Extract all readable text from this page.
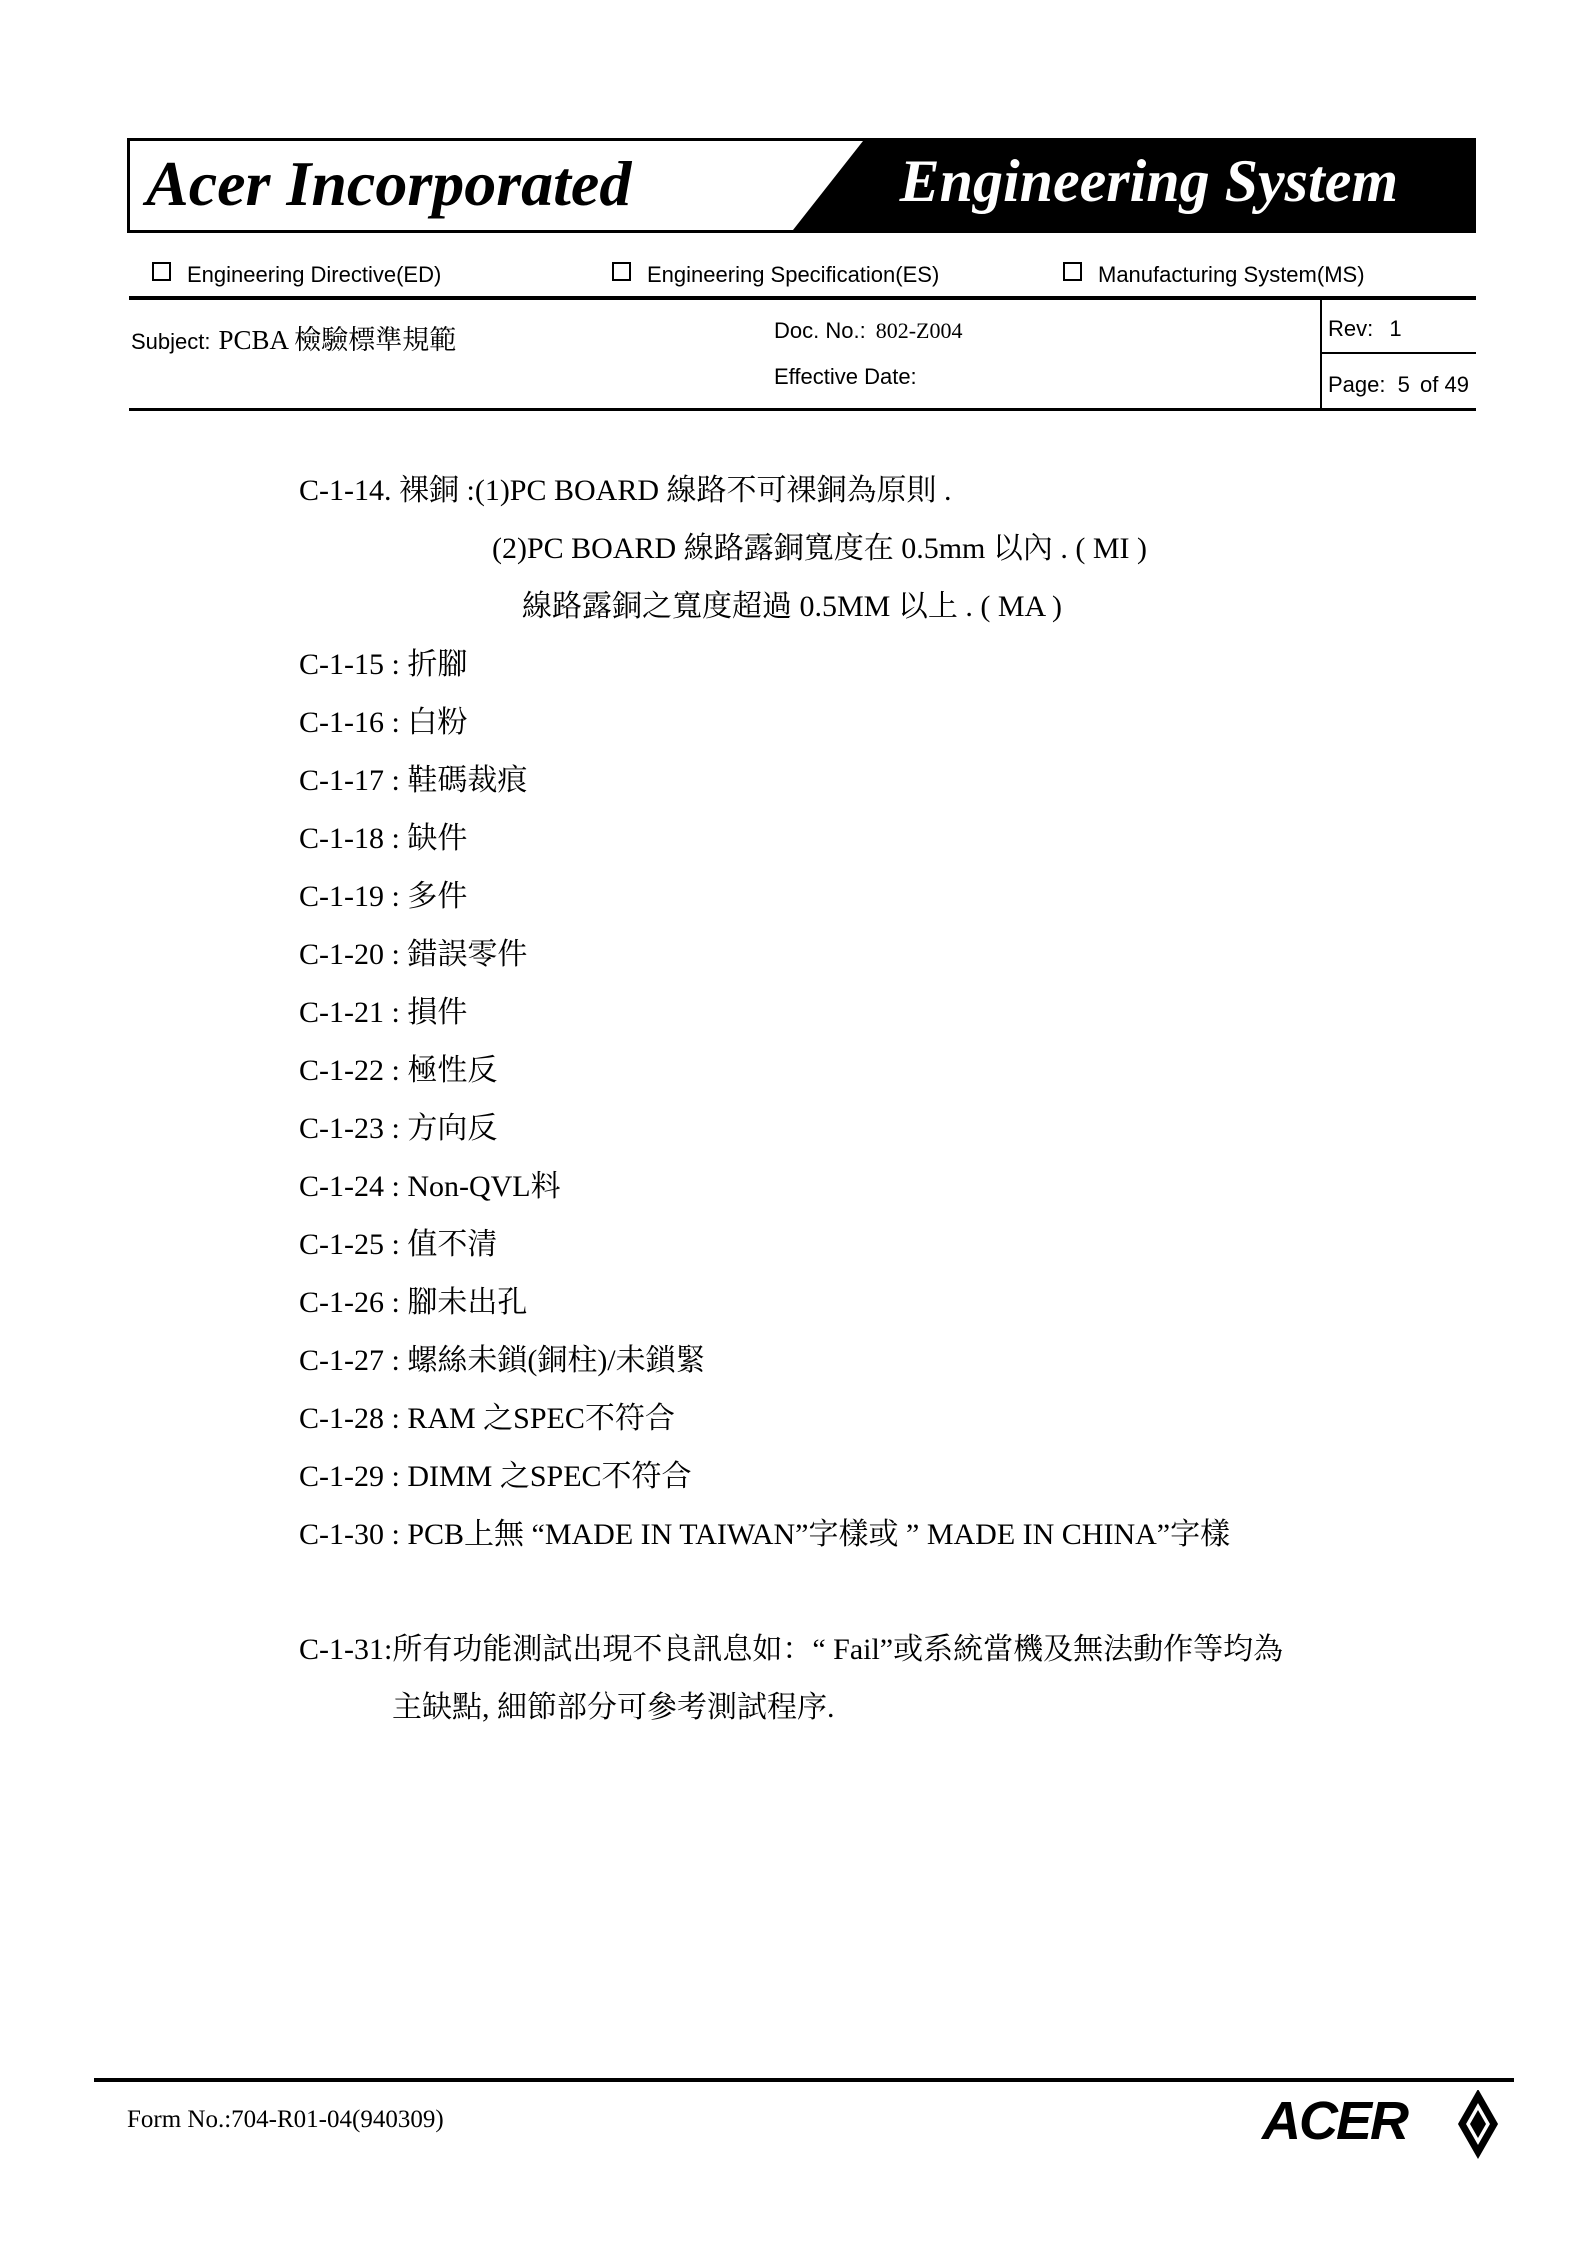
Acer Incorporated	Engineering System
Engineering Directive(ED)	Engineering Specification(ES)	Manufacturing System(MS)
Subject: PCBA 檢驗標準規範	Doc. No.: 802-Z004
Effective Date:
Rev: 1
Page: 5 of 49
C-1-14. 裸銅 :(1)PC BOARD 線路不可裸銅為原則 .
(2)PC BOARD 線路露銅寬度在 0.5mm 以內 . ( MI )
線路露銅之寬度超過 0.5MM 以上 . ( MA )
C-1-15 : 折腳
C-1-16 : 白粉
C-1-17 : 鞋碼裁痕
C-1-18 : 缺件
C-1-19 : 多件
C-1-20 : 錯誤零件
C-1-21 : 損件
C-1-22 : 極性反
C-1-23 : 方向反
C-1-24 : Non-QVL料
C-1-25 : 值不清
C-1-26 : 腳未出孔
C-1-27 : 螺絲未鎖(銅柱)/未鎖緊
C-1-28 : RAM 之SPEC不符合
C-1-29 : DIMM 之SPEC不符合
C-1-30 : PCB上無 “MADE IN TAIWAN”字樣或 ” MADE IN CHINA”字樣
C-1-31:所有功能測試出現不良訊息如：“ Fail”或系統當機及無法動作等均為
主缺點, 細節部分可參考測試程序.
Form No.:704-R01-04(940309)	ACER
